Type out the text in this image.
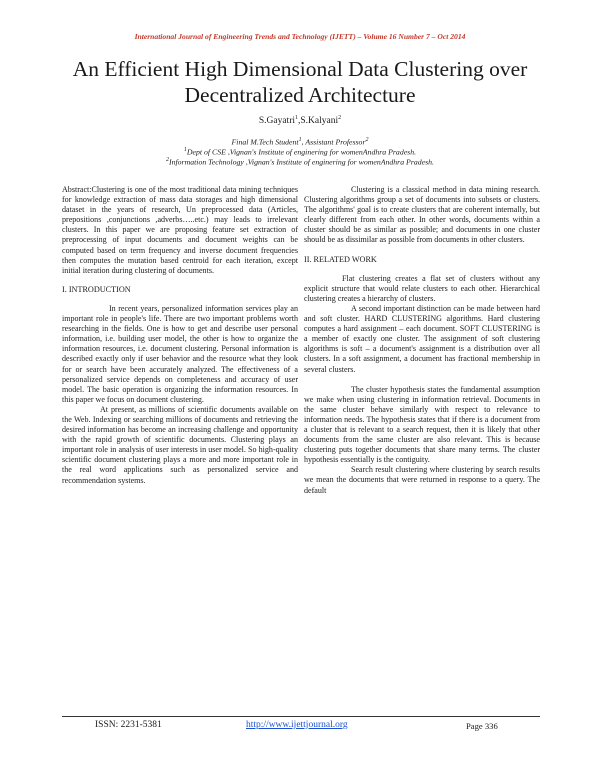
International Journal of Engineering Trends and Technology (IJETT) – Volume 16 Number 7 – Oct 2014
An Efficient High Dimensional Data Clustering over Decentralized Architecture
S.Gayatri$^1$,S.Kalyani$^2$
Final M.Tech Student$^1$, Assistant Professor$^2$
$^1$Dept of CSE ,Vignan's Institute of enginering for womenAndhra Pradesh.
$^2$Information Technology ,Vignan's Institute of enginering for womenAndhra Pradesh.

Abstract:Clustering is one of the most traditional data mining techniques for knowledge extraction of mass data storages and high dimensional dataset in the years of research, Un preprocessed data (Articles, prepositions ,conjunctions ,adverbs…..etc.) may leads to irrelevant clusters. In this paper we are proposing feature set extraction of preprocessing of input documents and document weights can be computed based on term frequency and inverse document frequencies then computes the mutation based centroid for each iteration, except initial iteration during clustering of documents.

I. INTRODUCTION

In recent years, personalized information services play an important role in people's life. There are two important problems worth researching in the fields. One is how to get and describe user personal information, i.e. building user model, the other is how to organize the information resources, i.e. document clustering. Personal information is described exactly only if user behavior and the resource what they look for or search have been accurately analyzed. The effectiveness of a personalized service depends on completeness and accuracy of user model. The basic operation is organizing the information resources. In this paper we focus on document clustering.

At present, as millions of scientific documents available on the Web. Indexing or searching millions of documents and retrieving the desired information has become an increasing challenge and opportunity with the rapid growth of scientific documents. Clustering plays an important role in analysis of user interests in user model. So high-quality scientific document clustering plays a more and more important role in the real word applications such as personalized service and recommendation systems.

Clustering is a classical method in data mining research. Clustering algorithms group a set of documents into subsets or clusters. The algorithms' goal is to create clusters that are coherent internally, but clearly different from each other. In other words, documents within a cluster should be as similar as possible; and documents in one cluster should be as dissimilar as possible from documents in other clusters.

II. RELATED WORK

Flat clustering creates a flat set of clusters without any explicit structure that would relate clusters to each other. Hierarchical clustering creates a hierarchy of clusters.

A second important distinction can be made between hard and soft cluster. HARD CLUSTERING algorithms. Hard clustering computes a hard assignment – each document. SOFT CLUSTERING is a member of exactly one cluster. The assignment of soft clustering algorithms is soft – a document's assignment is a distribution over all clusters. In a soft assignment, a document has fractional membership in several clusters.

The cluster hypothesis states the fundamental assumption we make when using clustering in information retrieval. Documents in the same cluster behave similarly with respect to relevance to information needs. The hypothesis states that if there is a document from a cluster that is relevant to a search request, then it is likely that other documents from the same cluster are also relevant. This is because clustering puts together documents that share many terms. The cluster hypothesis essentially is the contiguity.

Search result clustering where clustering by search results we mean the documents that were returned in response to a query. The default

ISSN: 2231-5381	http://www.ijettjournal.org	Page 336
